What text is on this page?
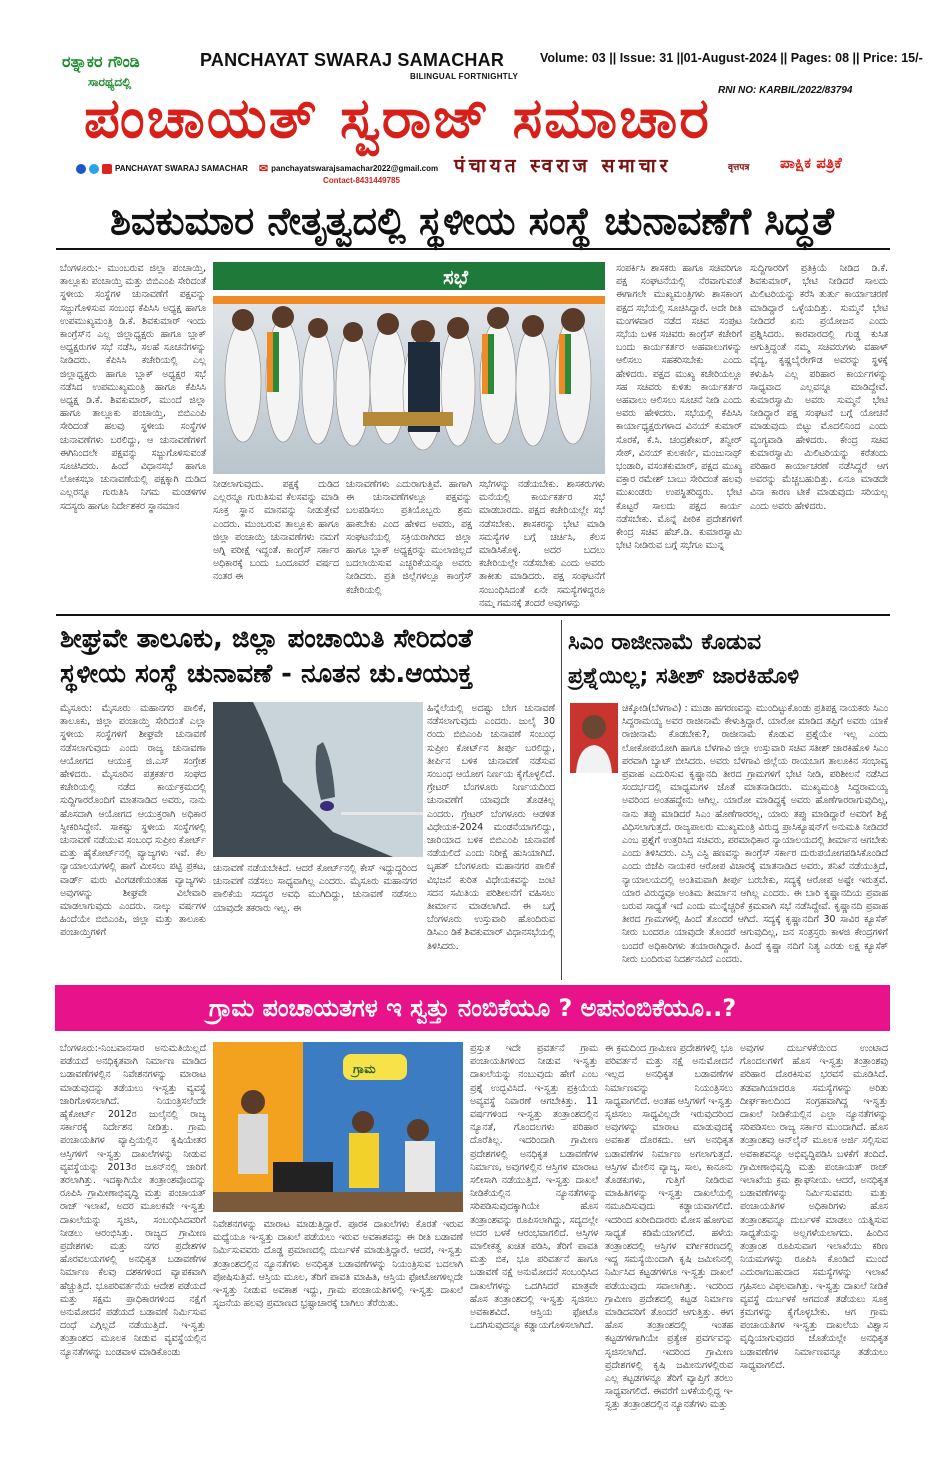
ರತ್ನಾಕರ ಗೌಂಡಿ
ಸಾರಥ್ಯದಲ್ಲಿ
PANCHAYAT SWARAJ SAMACHAR
BILINGUAL FORTNIGHTLY
Volume: 03 || Issue: 31 ||01-August-2024 || Pages: 08 || Price: 15/-
RNI NO: KARBIL/2022/83794
ಪಂಚಾಯತ್ ಸ್ವರಾಜ್ ಸಮಾಚಾರ
PANCHAYAT SWARAJ SAMACHAR ✉ panchayatswarajsamachar2022@gmail.com
Contact-8431449785
पंचायत स्वराज समाचार	वृत्तपत्र ಪಾಕ್ಷಿಕ ಪತ್ರಿಕೆ
ಶಿವಕುಮಾರ ನೇತೃತ್ವದಲ್ಲಿ ಸ್ಥಳೀಯ ಸಂಸ್ಥೆ ಚುನಾವಣೆಗೆ ಸಿದ್ಧತೆ
ಬೆಂಗಳೂರು:- ಮುಂಬರುವ ಜಿಲ್ಲಾ ಪಂಚಾಯ್ತಿ, ತಾಲ್ಲೂಕು ಪಂಚಾಯ್ತಿ ಮತ್ತು ಬಿಬಿಎಂಪಿ ಸೇರಿದಂತೆ ಸ್ಥಳೀಯ ಸಂಸ್ಥೆಗಳ ಚುನಾವಣೆಗೆ ಪಕ್ಷವನ್ನು ಸಜ್ಜುಗೊಳಿಸುವ ಸಂಬಂಧ ಕೆಪಿಸಿಸಿ ಅಧ್ಯಕ್ಷ ಹಾಗೂ ಉಪಮುಖ್ಯಮಂತ್ರಿ ಡಿ.ಕೆ. ಶಿವಕುಮಾರ್ ಇಂದು ಕಾಂಗ್ರೆಸ್‌ನ ಎಲ್ಲ ಜಿಲ್ಲಾಧ್ಯಕ್ಷರು ಹಾಗೂ ಬ್ಲಾಕ್ ಅಧ್ಯಕ್ಷರುಗಳ ಸಭೆ ನಡೆಸಿ, ಸಲಹೆ ಸೂಚನೆಗಳನ್ನು ನೀಡಿದರು. ಕೆಪಿಸಿಸಿ ಕಚೇರಿಯಲ್ಲಿ ಎಲ್ಲ ಜಿಲ್ಲಾಧ್ಯಕ್ಷರು ಹಾಗೂ ಬ್ಲಾಕ್ ಅಧ್ಯಕ್ಷರ ಸಭೆ ನಡೆಸಿದ ಉಪಮುಖ್ಯಮಂತ್ರಿ ಹಾಗೂ ಕೆಪಿಸಿಸಿ ಅಧ್ಯಕ್ಷ ಡಿ.ಕೆ. ಶಿವಕುಮಾರ್, ಮುಂದೆ ಜಿಲ್ಲಾ ಹಾಗೂ ತಾಲ್ಲೂಕು ಪಂಚಾಯ್ತಿ, ಬಿಬಿಎಂಪಿ ಸೇರಿದಂತೆ ಹಲವು ಸ್ಥಳೀಯ ಸಂಸ್ಥೆಗಳ ಚುನಾವಣೆಗಳು ಬರಲಿದ್ದು, ಆ ಚುನಾವಣೆಗಳಿಗೆ ಈಗಿನಿಂದಲೇ ಪಕ್ಷವನ್ನು ಸಜ್ಜುಗೊಳಿಸುವಂತೆ ಸೂಚಿಸಿದರು. ಹಿಂದೆ ವಿಧಾನಸಭೆ ಹಾಗೂ ಲೋಕಸಭಾ ಚುನಾವಣೆಯಲ್ಲಿ ಪಕ್ಷಕ್ಕಾಗಿ ದುಡಿದ ಎಲ್ಲರನ್ನೂ ಗುರುತಿಸಿ ನಿಗಮ ಮಂಡಳಿಗಳ ಸದಸ್ಯರು ಹಾಗೂ ನಿರ್ದೇಶಕರ ಸ್ಥಾನಮಾನ
ಸಭೆ
ನೀಡಲಾಗುವುದು. ಪಕ್ಷಕ್ಕೆ ದುಡಿದ ಎಲ್ಲರನ್ನೂ ಗುರುತಿಸುವ ಕೆಲಸವನ್ನು ಮಾಡಿ ಸೂಕ್ತ ಸ್ಥಾನ ಮಾನವನ್ನು ನೀಡುತ್ತೇವೆ ಎಂದರು. ಮುಂಬರುವ ತಾಲ್ಲೂಕು ಹಾಗೂ ಜಿಲ್ಲಾ ಪಂಚಾಯ್ತಿ ಚುನಾವಣೆಗಳು ನಮಗೆ ಅಗ್ನಿ ಪರೀಕ್ಷೆ ಇದ್ದಂತೆ. ಕಾಂಗ್ರೆಸ್ ಸರ್ಕಾರ ಅಧಿಕಾರಕ್ಕೆ ಬಂದು ಒಂದೂವರೆ ವರ್ಷದ ನಂತರ ಈ
ಚುನಾವಣೆಗಳು ಎದುರಾಗುತ್ತಿವೆ. ಹಾಗಾಗಿ ಈ ಚುನಾವಣೆಗಳಲ್ಲೂ ಪಕ್ಷವನ್ನು ಬಲಪಡಿಸಲು ಪ್ರತಿಯೊಬ್ಬರು ಶ್ರಮ ಹಾಕಬೇಕು ಎಂದ ಹೇಳಿದ ಅವರು, ಪಕ್ಷ ಸಂಘಟನೆಯಲ್ಲಿ ಸಕ್ರಿಯರಾಗಿರದ ಜಿಲ್ಲಾ ಹಾಗೂ ಬ್ಲಾಕ್ ಅಧ್ಯಕ್ಷರನ್ನು ಮುಲಾಜಿಲ್ಲದೆ ಬದಲಾಯಿಸುವ ಎಚ್ಚರಿಕೆಯನ್ನೂ ಅವರು ನೀಡಿದರು. ಪ್ರತಿ ಜಿಲ್ಲೆಗಳಲ್ಲೂ ಕಾಂಗ್ರೆಸ್ ಕಚೇರಿಯಲ್ಲಿ
ಸಭೆಗಳನ್ನು ನಡೆಯಬೇಕು. ಶಾಸಕರುಗಳು ಮನೆಯಲ್ಲಿ ಕಾರ್ಯಕರ್ತರ ಸಭೆ ಮಾಡಬಾರದು. ಪಕ್ಷದ ಕಚೇರಿಯಲ್ಲೇ ಸಭೆ ನಡೆಸಬೇಕು. ಶಾಸಕರನ್ನು ಭೇಟಿ ಮಾಡಿ ಸಮಸ್ಯೆಗಳ ಬಗ್ಗೆ ಚರ್ಚಿಸಿ, ಕೆಲಸ ಮಾಡಿಸಿಕೊಳ್ಳಿ. ಅದರ ಬದಲು ಕಚೇರಿಯಲ್ಲೇ ನಡೆಸಬೇಕು ಎಂದು ಅವರು ತಾಕೀತು ಮಾಡಿದರು. ಪಕ್ಷ ಸಂಘಟನೆಗೆ ಸಂಬಂಧಿಸಿದಂತೆ ಏನೇ ಸಮಸ್ಯೆಗಳಿದ್ದರೂ ನಮ್ಮ ಗಮನಕ್ಕೆ ತಂದರೆ ಅವುಗಳನ್ನು
ಸಂಪರ್ಕಿಸಿ ಶಾಸಕರು ಹಾಗೂ ಸಚಿವರಿಗೂ ಪಕ್ಷ ಸಂಘಟನೆಯಲ್ಲಿ ನೆರವಾಗುವಂತೆ ಈಗಾಗಲೇ ಮುಖ್ಯಮಂತ್ರಿಗಳು ಶಾಸಕಾಂಗ ಪಕ್ಷದ ಸಭೆಯಲ್ಲಿ ಸೂಚಿಸಿದ್ದಾರೆ. ಅದೇ ರೀತಿ ಮಂಗಳವಾರ ನಡೆದ ಸಚಿವ ಸಂಪುಟ ಸಭೆಯ ಬಳಿಕ ಸಚಿವರು ಕಾಂಗ್ರೆಸ್ ಕಚೇರಿಗೆ ಬಂದು ಕಾರ್ಯಕರ್ತರ ಅಹವಾಲುಗಳನ್ನು ಆಲಿಸಲು ಸಹಕರಿಸಬೇಕು ಎಂದು ಹೇಳಿದರು. ಪಕ್ಷದ ಮುಖ್ಯ ಕಚೇರಿಯಲ್ಲೂ ಸಹ ಸಚಿವರು ಕುಳಿತು ಕಾರ್ಯಕರ್ತರ ಅಹವಾಲು ಆಲಿಸಲು ಸೂಚನೆ ನೀಡಿ ಎಂದು ಅವರು ಹೇಳಿದರು. ಸಭೆಯಲ್ಲಿ ಕೆಪಿಸಿಸಿ ಕಾರ್ಯಾಧ್ಯಕ್ಷರುಗಳಾದ ವಿನಯ್ ಕುಮಾರ್ ಸೊರಕೆ, ಕೆ.ಸಿ. ಚಂದ್ರಶೇಖರ್, ತನ್ವೀರ್ ಸೇಠ್, ವಿನಯ್ ಕುಲಕರ್ಣಿ, ಮಂಜುನಾಥ್ ಭಂಡಾರಿ, ವಸಂತಕುಮಾರ್, ಪಕ್ಷದ ಮುಖ್ಯ ವಕ್ತಾರ ರಮೇಶ್ ಬಾಬು ಸೇರಿದಂತೆ ಹಲವು ಮುಖಂಡರು ಉಪಸ್ಥಿತರಿದ್ದರು. ಭೇಟಿ ಕೊಟ್ಟರೆ ಸಾಲದು ಪಕ್ಷದ ಕಾರ್ಯ ನಡೆಸಬೇಕು. ಮೊನ್ನೆ ಪೀಠಿಕ ಪ್ರದೇಶಗಳಿಗೆ ಕೇಂದ್ರ ಸಚಿವ ಹೆಚ್.ಡಿ. ಕುಮಾರಸ್ವಾಮಿ ಭೇಟಿ ನೀಡಿರುವ ಬಗ್ಗೆ ಸಭೆಗೂ ಮುನ್ನ
ಸುದ್ದಿಗಾರರಿಗೆ ಪ್ರತಿಕ್ರಿಯೆ ನೀಡಿದ ಡಿ.ಕೆ. ಶಿವಕುಮಾರ್, ಭೇಟಿ ನೀಡಿದರೆ ಸಾಲದು ಮಿಲಿಟರಿಯನ್ನು ಕರೆಸಿ ತುರ್ತು ಕಾರ್ಯಾಚರಣೆ ಮಾಡಿದ್ದಾರೆ ಒಳ್ಳೆಯದಿತ್ತು. ಸುಮ್ಮನೆ ಭೇಟಿ ನೀಡಿದರೆ ಏನು ಪ್ರಯೋಜನ ಎಂದು ಪ್ರಶ್ನಿಸಿದರು. ಕಾರವಾರದಲ್ಲಿ ಗುಡ್ಡ ಕುಸಿತ ಆಗುತ್ತಿದ್ದಂತೆ ನಮ್ಮ ಸಚಿವರುಗಳು ವಹಾಳ್ ವೈದ್ಯ, ಕೃಷ್ಣಬೈರೇಗೌಡ ಅವರನ್ನು ಸ್ಥಳಕ್ಕೆ ಕಳುಹಿಸಿ ಎಲ್ಲ ಪರಿಹಾರ ಕಾರ್ಯಗಳನ್ನು ಸಾಧ್ಯವಾದ ಎಲ್ಲವನ್ನೂ ಮಾಡಿದ್ದೇವೆ. ಕುಮಾರಸ್ವಾಮಿ ಅವರು ಸುಮ್ಮನೆ ಭೇಟಿ ನೀಡಿದ್ದಾರೆ ಪಕ್ಷ ಸಂಘಟನೆ ಬಗ್ಗೆ ಯೋಚನೆ ಮಾಡುವುದು ಬಿಟ್ಟು ಮೊದಲಿನಿಂದ ಎಂದು ವ್ಯಂಗ್ಯವಾಡಿ ಹೇಳಿದರು. ಕೇಂದ್ರ ಸಚಿವ ಕುಮಾರಸ್ವಾಮಿ ಮಿಲಿಟರಿಯನ್ನು ಕರೆತಂದು ಪರಿಹಾರ ಕಾರ್ಯಾಚರಣೆ ನಡೆಸಿದ್ದರೆ ಆಗ ಅವರನ್ನು ಮೆಚ್ಚಬಹುದಿತ್ತು. ಏನೂ ಮಾಡದೇ ವಿನಾ ಕಾರಣ ಟೀಕೆ ಮಾಡುವುದು ಸರಿಯಲ್ಲ ಎಂದು ಅವರು ಹೇಳಿದರು.
ಶೀಘ್ರವೇ ತಾಲೂಕು, ಜಿಲ್ಲಾ ಪಂಚಾಯಿತಿ ಸೇರಿದಂತೆ
ಸ್ಥಳೀಯ ಸಂಸ್ಥೆ ಚುನಾವಣೆ - ನೂತನ ಚು.ಆಯುಕ್ತ
ಮೈಸೂರು: ಮೈಸೂರು ಮಹಾನಗರ ಪಾಲಿಕೆ, ತಾಲೂಕು, ಜಿಲ್ಲಾ ಪಂಚಾಯ್ತಿ ಸೇರಿದಂತೆ ಎಲ್ಲಾ ಸ್ಥಳೀಯ ಸಂಸ್ಥೆಗಳಿಗೆ ಶೀಘ್ರವೇ ಚುನಾವಣೆ ನಡೆಸಲಾಗುವುದು ಎಂದು ರಾಜ್ಯ ಚುನಾವಣಾ ಆಯೋಗದ ಆಯುಕ್ತ ಜಿ.ಎಸ್ ಸಂಗ್ರೇಶ ಹೇಳಿದರು. ಮೈಸೂರಿನ ಪತ್ರಕರ್ತರ ಸಂಘದ ಕಚೇರಿಯಲ್ಲಿ ನಡೆದ ಕಾರ್ಯಕ್ರಮದಲ್ಲಿ ಸುದ್ದಿಗಾರರೊಂದಿಗೆ ಮಾತನಾಡಿದ ಅವರು, ನಾನು ಹೊಸದಾಗಿ ಆಯೋಗದ ಆಯುಕ್ತರಾಗಿ ಅಧಿಕಾರ ಸ್ವೀಕರಿಸಿದ್ದೇನೆ. ಸಾಕಷ್ಟು ಸ್ಥಳೀಯ ಸಂಸ್ಥೆಗಳಲ್ಲಿ ಚುನಾವಣೆ ನಡೆಯುವ ಸಂಬಂಧ ಸುಪ್ರೀಂ ಕೋರ್ಟ್ ಮತ್ತು ಹೈಕೋರ್ಟ್‌ನಲ್ಲಿ ವ್ಯಾಜ್ಯಗಳು ಇವೆ. ಕೆಲ ನ್ಯಾಯಾಲಯಗಳಲ್ಲಿ ಹಾಗೆ ಮೀಸಲು ಪಟ್ಟಿ ಪ್ರಕಟ, ವಾರ್ಡ್ ಮರು ವಿಂಗಡಣೆಯಂತಹ ವ್ಯಾಜ್ಯಗಳು ಅವುಗಳನ್ನು ಶೀಘ್ರವೇ ವಿಲೇವಾರಿ ಮಾಡಲಾಗುವುದು ಎಂದರು. ನಾಲ್ಕು ವರ್ಷಗಳ ಹಿಂದೆಯೇ ಬಿಬಿಎಂಪಿ, ಜಿಲ್ಲಾ ಮತ್ತು ತಾಲೂಕು ಪಂಚಾಯ್ತಿಗಳಿಗೆ
ಚುನಾವಣೆ ನಡೆಯಬೇಕಿದೆ. ಆದರೆ ಕೋರ್ಟ್‌ನಲ್ಲಿ ಕೇಸ್ ಇದ್ದುದ್ದರಿಂದ ಚುನಾವಣೆ ನಡೆಸಲು ಸಾಧ್ಯವಾಗಿಲ್ಲ ಎಂದರು. ಮೈಸೂರು ಮಹಾನಗರ ಪಾಲಿಕೆಯ ಸದಸ್ಯರ ಅವಧಿ ಮುಗಿದಿದ್ದು, ಚುನಾವಣೆ ನಡೆಸಲು ಯಾವುದೇ ತಕರಾರು ಇಲ್ಲ. ಈ
ಹಿನ್ನೆಲೆಯಲ್ಲಿ ಅದಷ್ಟು ಬೇಗ ಚುನಾವಣೆ ನಡೆಸಲಾಗುವುದು ಎಂದರು. ಜುಲೈ 30 ರಂದು ಬಿಬಿಎಂಪಿ ಚುನಾವಣೆ ಸಂಬಂಧ ಸುಪ್ರೀಂ ಕೋರ್ಟ್‌ನ ತೀರ್ಪು ಬರಲಿದ್ದು, ತೀರ್ಪಿನ ಬಳಿಕ ಚುನಾವಣೆ ನಡೆಸುವ ಸಂಬಂಧ ಆಯೋಗ ನಿರ್ಣಯ ಕೈಗೊಳ್ಳಲಿದೆ. ಗ್ರೇಟರ್ ಬೆಂಗಳೂರು ನಿರ್ಣಯದಿಂದ ಚುನಾವಣೆಗೆ ಯಾವುದೇ ತೊಡಕಿಲ್ಲ ಎಂದರು. ಗ್ರೇಟರ್ ಬೆಂಗಳೂರು ಆಡಳಿತ ವಿಧೇಯಕ-2024 ಮಂಡನೆಯಾಗಲಿದ್ದು, ಜಾರಿಯಾದ ಬಳಿಕ ಬಿಬಿಎಂಪಿ ಚುನಾವಣೆ ನಡೆಯಲಿದೆ ಎಂದು ನಿರೀಕ್ಷೆ ಹುಸಿಯಾಗಿದೆ. ಬೃಹತ್ ಬೆಂಗಳೂರು ಮಹಾನಗರ ಪಾಲಿಕೆ ವಿಭಜನೆ ಕುರಿತ ವಿಧೇಯಕವನ್ನು ಜಂಟಿ ಸದನ ಸಮಿತಿಯ ಪರಿಶೀಲನೆಗೆ ವಹಿಸಲು ತೀರ್ಮಾನ ಮಾಡಲಾಗಿದೆ. ಈ ಬಗ್ಗೆ ಬೆಂಗಳೂರು ಉಸ್ತುವಾರಿ ಹೊಂದಿರುವ ಡಿಸಿಎಂ ಡಿಕೆ ಶಿವಕುಮಾರ್ ವಿಧಾನಸಭೆಯಲ್ಲಿ ತಿಳಿಸಿದರು.
ಸಿಎಂ ರಾಜೀನಾಮೆ ಕೊಡುವ
ಪ್ರಶ್ನೆಯಿಲ್ಲ; ಸತೀಶ್ ಜಾರಕಿಹೊಳಿ
ಚಿಕ್ಕೋಡಿ(ಬೆಳಗಾವಿ) : ಮುಡಾ ಹಗರಣವನ್ನು ಮುಂದಿಟ್ಟುಕೊಂಡು ಪ್ರತಿಪಕ್ಷ ನಾಯಕರು ಸಿಎಂ ಸಿದ್ದರಾಮಯ್ಯ ಅವರ ರಾಜೀನಾಮೆ ಕೇಳುತ್ತಿದ್ದಾರೆ. ಯಾರೋ ಮಾಡಿದ ತಪ್ಪಿಗೆ ಅವರು ಯಾಕೆ ರಾಜೀನಾಮೆ ಕೊಡಬೇಕು?, ರಾಜೀನಾಮೆ ಕೊಡುವ ಪ್ರಶ್ನೆಯೇ ಇಲ್ಲ ಎಂದು ಲೋಕೋಪಯೋಗಿ ಹಾಗೂ ಬೆಳಗಾವಿ ಜಿಲ್ಲಾ ಉಸ್ತುವಾರಿ ಸಚಿವ ಸತೀಶ್ ಜಾರಕಿಹೊಳಿ ಸಿಎಂ ಪರವಾಗಿ ಬ್ಯಾಟ್ ಬೀಸಿದರು. ಅವರು ಬೆಳಗಾವಿ ಜಿಲ್ಲೆಯ ರಾಯಬಾಗ ತಾಲೂಕಿನ ಸಂಭಾವ್ಯ ಪ್ರವಾಹ ಎದುರಿಸುವ ಕೃಷ್ಣಾನದಿ ತೀರದ ಗ್ರಾಮಗಳಿಗೆ ಭೇಟಿ ನೀಡಿ, ಪರಿಶೀಲನೆ ನಡೆಸಿದ ಸಂದರ್ಭದಲ್ಲಿ ಮಾಧ್ಯಮಗಳ ಜೊತೆ ಮಾತನಾಡಿದರು. ಮುಖ್ಯಮಂತ್ರಿ ಸಿದ್ದರಾಮಯ್ಯ ಅವರಿಂದ ಅಂತಹದ್ದೇನು ಆಗಿಲ್ಲ. ಯಾರೋ ಮಾಡಿದ್ದಕ್ಕೆ ಅವರು ಹೊಣೆಗಾರರಾಗುವುದಿಲ್ಲ, ನಾನು ತಪ್ಪು ಮಾಡಿದರೆ ಸಿಎಂ ಹೊಣೆಗಾರರಲ್ಲ, ಯಾರು ತಪ್ಪು ಮಾಡಿದ್ದಾರೆ ಅವರಿಗೆ ಶಿಕ್ಷೆ ವಿಧಿಸಲಾಗುತ್ತದೆ. ರಾಜ್ಯಪಾಲರು ಮುಖ್ಯಮಂತ್ರಿ ವಿರುದ್ಧ ಪ್ರಾಸಿಕ್ಯೂಷನ್‌ಗೆ ಅನುಮತಿ ನೀಡಿದರೆ ಎಂಬ ಪ್ರಶ್ನೆಗೆ ಉತ್ತರಿಸಿದ ಸಚಿವರು, ಪರಮಾಧಿಕಾರ ನ್ಯಾಯಾಲಯದಲ್ಲಿ ತೀರ್ಮಾನ ಆಗಬೇಕು ಎಂದು ತಿಳಿಸಿದರು. ಎಸ್ಸಿ ಎಸ್ಟಿ ಹಣವನ್ನು ಕಾಂಗ್ರೆಸ್ ಸರ್ಕಾರ ದುರುಪಯೋಗಪಡಿಸಿಕೊಂಡಿದೆ ಎಂದು ಬಿಜೆಪಿ ನಾಯಕರ ಆರೋಪ ವಿಚಾರಕ್ಕೆ ಮಾತನಾಡಿದ ಅವರು, ತನಿಖೆ ನಡೆಯುತ್ತಿದೆ, ನ್ಯಾಯಾಲಯದಲ್ಲಿ ಅಂತಿಮವಾಗಿ ತೀರ್ಪು ಬರಬೇಕು, ಸದ್ಯಕ್ಕೆ ಆರೋಪ ಅಷ್ಟೇ ಇರುತ್ತವೆ. ಯಾರ ವಿರುದ್ಧವೂ ಅಂತಿಮ ತೀರ್ಮಾನ ಆಗಿಲ್ಲ ಎಂದರು. ಈ ಬಾರಿ ಕೃಷ್ಣಾನದಿಯ ಪ್ರವಾಹ ಬರುವ ಸಾಧ್ಯತೆ ಇದೆ ಎಂದು ಮುನ್ನೆಚ್ಚರಿಕೆ ಕ್ರಮವಾಗಿ ಸಭೆ ನಡೆಸಿದ್ದೇವೆ. ಕೃಷ್ಣಾನದಿ ಪ್ರವಾಹ ತೀರದ ಗ್ರಾಮಗಳಲ್ಲಿ ಹಿಂದೆ ತೊಂದರೆ ಆಗಿದೆ. ಸದ್ಯಕ್ಕೆ ಕೃಷ್ಣಾನದಿಗೆ 30 ಸಾವಿರ ಕ್ಯೂಸೆಕ್ ನೀರು ಬಂದರೂ ಯಾವುದೇ ತೊಂದರೆ ಆಗುವುದಿಲ್ಲ, ಜನ ಸಂತ್ರಸ್ತರು ಕಾಳಜಿ ಕೇಂದ್ರಗಳಿಗೆ ಬಂದರೆ ಅಧಿಕಾರಿಗಳು ತಯಾರಾಗಿದ್ದಾರೆ. ಹಿಂದೆ ಕೃಷ್ಣಾ ನದಿಗೆ ನಿತ್ಯ ಎರಡು ಲಕ್ಷ ಕ್ಯೂಸೆಕ್ ನೀರು ಬಂದಿರುವ ನಿದರ್ಶನವಿದೆ ಎಂದರು.
ಗ್ರಾಮ ಪಂಚಾಯತಗಳ ಇ ಸ್ವತ್ತು ನಂಬಿಕೆಯೂ ? ಅಪನಂಬಿಕೆಯೂ..?
ಬೆಂಗಳೂರು:-ನಿಂಬವಾನಸಾರ ಅನುಮತಿಯಿಲ್ಲದೆ ಪಡೆಯದೆ ಅನಧಿಕೃತವಾಗಿ ನಿರ್ಮಾಣ ಮಾಡಿದ ಬಡಾವಣೆಗಳಲ್ಲಿನ ನಿವೇಶನಗಳನ್ನು ಮಾರಾಟ ಮಾಡುವುದನ್ನು ತಡೆಯಲು ಇ-ಸ್ವತ್ತು ವ್ಯವಸ್ಥೆ ಜಾರಿಗೊಳಿಸಲಾಗಿದೆ. ನಿಯಂತ್ರಿಸಲೆಂದೇ ಹೈಕೋರ್ಟ್ 2012ರ ಜುಲೈನಲ್ಲಿ ರಾಜ್ಯ ಸರ್ಕಾರಕ್ಕೆ ನಿರ್ದೇಶನ ನೀಡಿತ್ತು. ಗ್ರಾಮ ಪಂಚಾಯತಿಗಳ ವ್ಯಾಪ್ತಿಯಲ್ಲಿನ ಕೃಷಿಯೇತರ ಆಸ್ತಿಗಳಿಗೆ ಇ-ಸ್ವತ್ತು ದಾಖಲೆಗಳನ್ನು ನೀಡುವ ವ್ಯವಸ್ಥೆಯನ್ನು 2013ರ ಜೂನ್‌ನಲ್ಲಿ ಜಾರಿಗೆ ತರಲಾಗಿತ್ತು. ಇದಕ್ಕಾಗಿಯೇ ತಂತ್ರಾಂಶವೊಂದನ್ನು ರೂಪಿಸಿ ಗ್ರಾಮೀಣಾಭಿವೃದ್ಧಿ ಮತ್ತು ಪಂಚಾಯತ್ ರಾಜ್ ಇಲಾಖೆ, ಅದರ ಮೂಲಕವೇ ಇ-ಸ್ವತ್ತು ದಾಖಲೆಯನ್ನು ಸೃಜಿಸಿ, ಸಂಬಂಧಿಸಿದವರಿಗೆ ನೀಡಲು ಆರಂಭಿಸಿತ್ತು. ರಾಜ್ಯದ ಗ್ರಾಮೀಣ ಪ್ರದೇಶಗಳು ಮತ್ತು ನಗರ ಪ್ರದೇಶಗಳ ಹೊರವಲಯಗಳಲ್ಲಿ ಅನಧಿಕೃತ ಬಡಾವಣೆಗಳ ನಿರ್ಮಾಣ ಕೆಲವು ದಶಕಗಳಿಂದ ವ್ಯಾಪಕವಾಗಿ ಹೆಚ್ಚುತ್ತಿದೆ. ಭೂಪರಿವರ್ತನೆಯ ಆದೇಶ ಪಡೆಯದೆ ಮತ್ತು ಸಕ್ಷಮ ಪ್ರಾಧಿಕಾರಗಳಿಂದ ನಕ್ಷೆಗೆ ಅನುಮೋದನೆ ಪಡೆಯದೆ ಬಡಾವಣೆ ನಿರ್ಮಿಸುವ ದಂಧೆ ಎಗ್ಗಿಲ್ಲದೆ ನಡೆಯುತ್ತಿದೆ. ಇ-ಸ್ವತ್ತು ತಂತ್ರಾಂಶದ ಮೂಲಕ ನೀಡುವ ವ್ಯವಸ್ಥೆಯಲ್ಲಿನ ನ್ಯೂನತೆಗಳನ್ನು ಬಂಡವಾಳ ಮಾಡಿಕೊಂಡು
ಗ್ರಾಮ
ನಿವೇಶನಗಳನ್ನು ಮಾರಾಟ ಮಾಡುತ್ತಿದ್ದಾರೆ. ಪೂರಕ ದಾಖಲೆಗಳು ಕೊರತೆ ಇರುವ ಮಧ್ಯೆಯೂ ಇ-ಸ್ವತ್ತು ದಾಖಲೆ ಪಡೆಯಲು ಇರುವ ಅವಕಾಶವನ್ನು ಈ ರೀತಿ ಬಡಾವಣೆ ನಿರ್ಮಿಸುವವರು ದೊಡ್ಡ ಪ್ರಮಾಣದಲ್ಲಿ ದುರ್ಬಳಕೆ ಮಾಡುತ್ತಿದ್ದಾರೆ. ಆದರೆ, ಇ-ಸ್ವತ್ತು ತಂತ್ರಾಂಶದಲ್ಲಿನ ನ್ಯೂನತೆಗಳು ಅನಧಿಕೃತ ಬಡಾವಣೆಗಳನ್ನು ನಿಯಂತ್ರಿಸುವ ಬದಲಾಗಿ ಪೋಷಿಸುತ್ತಿವೆ. ಆಸ್ತಿಯ ಮೂಲ, ತೆರಿಗೆ ಪಾವತಿ ಮಾಹಿತಿ, ಆಸ್ತಿಯ ಫೋಟೋಗಳಿಲ್ಲದೇ ಇ-ಸ್ವತ್ತು ನೀಡುವ ಅವಕಾಶ ಇದ್ದು, ಗ್ರಾಮ ಪಂಚಾಯತಿಗಳಲ್ಲಿ ಇ-ಸ್ವತ್ತು ದಾಖಲೆ ಸೃಜನೆಯ ಹಲವು ಪ್ರಮಾಣದ ಭ್ರಷ್ಟಾಚಾರಕ್ಕೆ ಬಾಗಿಲು ತೆರೆಯಿತು.
ಪ್ರಸ್ತುತ ಇದೇ ಪ್ರವರ್ತನೆ ಗ್ರಾಮ ಪಂಚಾಯತಿಗಳಿಂದ ನೀಡುವ ಇ-ಸ್ವತ್ತು ದಾಖಲೆಯನ್ನು ನಂಬುವುದು ಹೇಗೆ ಎಂಬ ಪ್ರಶ್ನೆ ಉದ್ಭವಿಸಿದೆ. ಇ-ಸ್ವತ್ತು ಪ್ರಕ್ರಿಯೆಯ ಅವ್ಯವಸ್ಥೆ ನಿವಾರಣೆ ಆಗಬೇಕಿತ್ತು. 11 ವರ್ಷಗಳಿಂದ ಇ-ಸ್ವತ್ತು ತಂತ್ರಾಂಶದಲ್ಲಿನ ನ್ಯೂನತೆ, ಗೊಂದಲಗಳು ಪರಿಹಾರ ದೊರೆತಿಲ್ಲ. ಇದರಿಂದಾಗಿ ಗ್ರಾಮೀಣ ಪ್ರದೇಶಗಳಲ್ಲಿ ಅನಧಿಕೃತ ಬಡಾವಣೆಗಳ ನಿರ್ಮಾಣ, ಅವುಗಳಲ್ಲಿನ ಆಸ್ತಿಗಳ ಮಾರಾಟ ಸಲೀಸಾಗಿ ನಡೆಯುತ್ತಿದೆ. ಇ-ಸ್ವತ್ತು ದಾಖಲೆ ನೀಡಿಕೆಯಲ್ಲಿನ ನ್ಯೂನತೆಗಳನ್ನು ಸರಿಪಡಿಸುವುದಕ್ಕಾಗಿಯೇ ಹೊಸ ತಂತ್ರಾಂಶವನ್ನು ರೂಪಿಸಲಾಗಿದ್ದು, ಸದ್ಯದಲ್ಲೇ ಅದರ ಬಳಕೆ ಆರಂಭವಾಗಲಿದೆ. ಆಸ್ತಿಗಳ ಮಾಲೀಕತ್ವ ಖಚಿತ ಪಡಿಸಿ, ತೆರಿಗೆ ಪಾವತಿ ಮತ್ತು ಬಿಕ, ಭೂ ಪರಿವರ್ತನೆ ಹಾಗೂ ಬಡಾವಣೆ ನಕ್ಷೆ ಅನುಮೋದನೆ ಸಂಬಂಧಿಸಿದ ದಾಖಲೆಗಳನ್ನು ಒದಗಿಸಿದರೆ ಮಾತ್ರವೇ ಹೊಸ ತಂತ್ರಾಂಶದಲ್ಲಿ ಇ-ಸ್ವತ್ತು ಸೃಜಿಸಲು ಅವಕಾಶವಿದೆ. ಆಸ್ತಿಯ ಫೋಟೊ ಒದಗಿಸುವುದನ್ನೂ ಕಡ್ಡಾಯಗೊಳಿಸಲಾಗಿದೆ.
ಈ ಕ್ರಮದಿಂದ ಗ್ರಾಮೀಣ ಪ್ರದೇಶಗಳಲ್ಲಿ ಭೂ ಪರಿವರ್ತನೆ ಮತ್ತು ನಕ್ಷೆ ಅನುಮೋದನೆ ಇಲ್ಲದ ಅನಧಿಕೃತ ಬಡಾವಣೆಗಳ ನಿರ್ಮಾಣವನ್ನು ನಿಯಂತ್ರಿಸಲು ಸಾಧ್ಯವಾಗಲಿದೆ. ಅಂತಹ ಆಸ್ತಿಗಳಿಗೆ ಇ-ಸ್ವತ್ತು ಸೃಜಿಸಲು ಸಾಧ್ಯವಿಲ್ಲದೇ ಇರುವುದರಿಂದ ಅವುಗಳನ್ನು ಮಾರಾಟ ಮಾಡುವುದಕ್ಕೆ ಅವಕಾಶ ದೊರಕದು. ಆಗ ಅನಧಿಕೃತ ಬಡಾವಣೆಗಳ ನಿರ್ಮಾಣ ಅಗಲಾಗುತ್ತದೆ. ಆಸ್ತಿಗಳ ಮೇಲಿನ ವ್ಯಾಜ್ಯ, ಸಾಲ, ಕಾನೂನು ತೊಡಕುಗಳು, ಗುತ್ತಿಗೆ ನೀಡಿರುವ ಮಾಹಿತಿಗಳನ್ನು ಇ-ಸ್ವತ್ತು ದಾಖಲೆಯಲ್ಲಿ ನಮೂದಿಸುವುದು ಕಡ್ಡಾಯವಾಗಲಿದೆ. ಇದರಿಂದ ಖರೀದಿದಾರರು ಮೋಸ ಹೋಗುವ ಸಾಧ್ಯತೆ ಕಡಿಮೆಯಾಗಲಿದೆ. ಹಳೆಯ ತಂತ್ರಾಂಶದಲ್ಲಿ ಆಸ್ತಿಗಳ ವರ್ಗೀಕರಣದಲ್ಲಿ ಇದ್ದ ಸಮಸ್ಯೆಯಿಂದಾಗಿ ಕೃಷಿ ಜಮೀನಿನಲ್ಲಿ ನಿರ್ಮಿಸಿದ ಕಟ್ಟಡಗಳಿಗೂ ಇ-ಸ್ವತ್ತು ದಾಖಲೆ ಪಡೆಯುವುದು ಸವಾಲಾಗಿತ್ತು. ಇದರಿಂದ ಗ್ರಾಮೀಣ ಪ್ರದೇಶದಲ್ಲಿ ಕಟ್ಟಡ ನಿರ್ಮಾಣ ಮಾಡಿದವರಿಗೆ ತೊಂದರೆ ಆಗುತ್ತಿತ್ತು. ಈಗ ಹೊಸ ತಂತ್ರಾಂಶದಲ್ಲಿ ಇಂತಹ ಕಟ್ಟಡಗಳಿಗಾಗಿಯೇ ಪ್ರತ್ಯೇಕ ಪ್ರವರ್ಗವನ್ನು ಸೃಜಿಸಲಾಗಿದೆ. ಇದರಿಂದ ಗ್ರಾಮೀಣ ಪ್ರದೇಶಗಳಲ್ಲಿ ಕೃಷಿ ಜಮೀನುಗಳಲ್ಲಿರುವ ಎಲ್ಲ ಕಟ್ಟಡಗಳನ್ನೂ ತೆರಿಗೆ ವ್ಯಾಪ್ತಿಗೆ ತರಲು ಸಾಧ್ಯವಾಗಲಿದೆ. ಈವರೆಗೆ ಬಳಕೆಯಲ್ಲಿದ್ದ ಇ-ಸ್ವತ್ತು ತಂತ್ರಾಂಶದಲ್ಲಿನ ನ್ಯೂನತೆಗಳು ಮತ್ತು
ಅವುಗಳ ದುರ್ಬಳಕೆಯಿಂದ ಉಂಟಾದ ಗೊಂದಲಗಳಿಗೆ ಹೊಸ ಇ-ಸ್ವತ್ತು ತಂತ್ರಾಂಶವು ಪರಿಹಾರ ದೊರಕಿಸುವ ಭರವಸೆ ಮೂಡಿಸಿದೆ. ತಡವಾಗಿಯಾದರೂ ಸಮಸ್ಯೆಗಳನ್ನು ಅರಿತು ದೀರ್ಘಕಾಲದಿಂದ ಸಂಗ್ರಹವಾಗಿದ್ದ ಇ-ಸ್ವತ್ತು ದಾಖಲೆ ನೀಡಿಕೆಯಲ್ಲಿನ ಎಲ್ಲಾ ನ್ಯೂನತೆಗಳನ್ನು ಸರಿಪಡಿಸಲು ರಾಜ್ಯ ಸರ್ಕಾರ ಮುಂದಾಗಿದೆ. ಹೊಸ ತಂತ್ರಾಂಶವು ಆನ್‌ಲೈನ್ ಮೂಲಕ ಅರ್ಜಿ ಸಲ್ಲಿಸುವ ಅವಕಾಶವನ್ನೂ ಅಭಿವೃದ್ಧಿಪಡಿಸಿ ಬಳಕೆಗೆ ತಂದಿದೆ. ಗ್ರಾಮೀಣಾಭಿವೃದ್ಧಿ ಮತ್ತು ಪಂಚಾಯತ್ ರಾಜ್ ಇಲಾಖೆಯ ಕ್ರಮ ಶ್ಲಾಘನೀಯ. ಆದರೆ, ಅನಧಿಕೃತ ಬಡಾವಣೆಗಳನ್ನು ನಿರ್ಮಿಸುವವರು ಮತ್ತು ಪಂಚಾಯತಿಗಳ ಅಧಿಕಾರಿಗಳು ಹೊಸ ತಂತ್ರಾಂಶವನ್ನೂ ದುರ್ಬಳಕೆ ಮಾಡಲು ಯತ್ನಿಸುವ ಸಾಧ್ಯತೆಯನ್ನು ಅಲ್ಲಗಳೆಯಲಾಗದು. ಹಿಂದಿನ ತಂತ್ರಾಂಶ ರೂಪಿಸುವಾಗ ಇಲಾಖೆಯು ಕಠಿಣ ನಿಯಮಗಳನ್ನು ರೂಪಿಸಿ ಕೊಂಡಿದೆ ಮುಂದೆ ಎದುರಾಗಬಹುದಾದ ಸಮಸ್ಯೆಗಳನ್ನು ಇಲಾಖೆ ಗ್ರಹಿಸಲು ವಿಫಲವಾಗಿತ್ತು. ಇ-ಸ್ವತ್ತು ದಾಖಲೆ ನೀಡಿಕೆ ವ್ಯವಸ್ಥೆ ದುರ್ಬಳಕೆ ಆಗದಂತೆ ತಡೆಯಲು ಸೂಕ್ತ ಕ್ರಮಗಳನ್ನು ಕೈಗೊಳ್ಳಬೇಕು. ಆಗ ಗ್ರಾಮ ಪಂಚಾಯತಿಗಳ ಇ-ಸ್ವತ್ತು ದಾಖಲೆಯ ವಿಶ್ವಾಸ ವೃದ್ಧಿಯಾಗುವುದರ ಜೊತೆಯಲ್ಲೇ ಅನಧಿಕೃತ ಬಡಾವಣೆಗಳ ನಿರ್ಮಾಣವನ್ನೂ ತಡೆಯಲು ಸಾಧ್ಯವಾಗಲಿದೆ.
